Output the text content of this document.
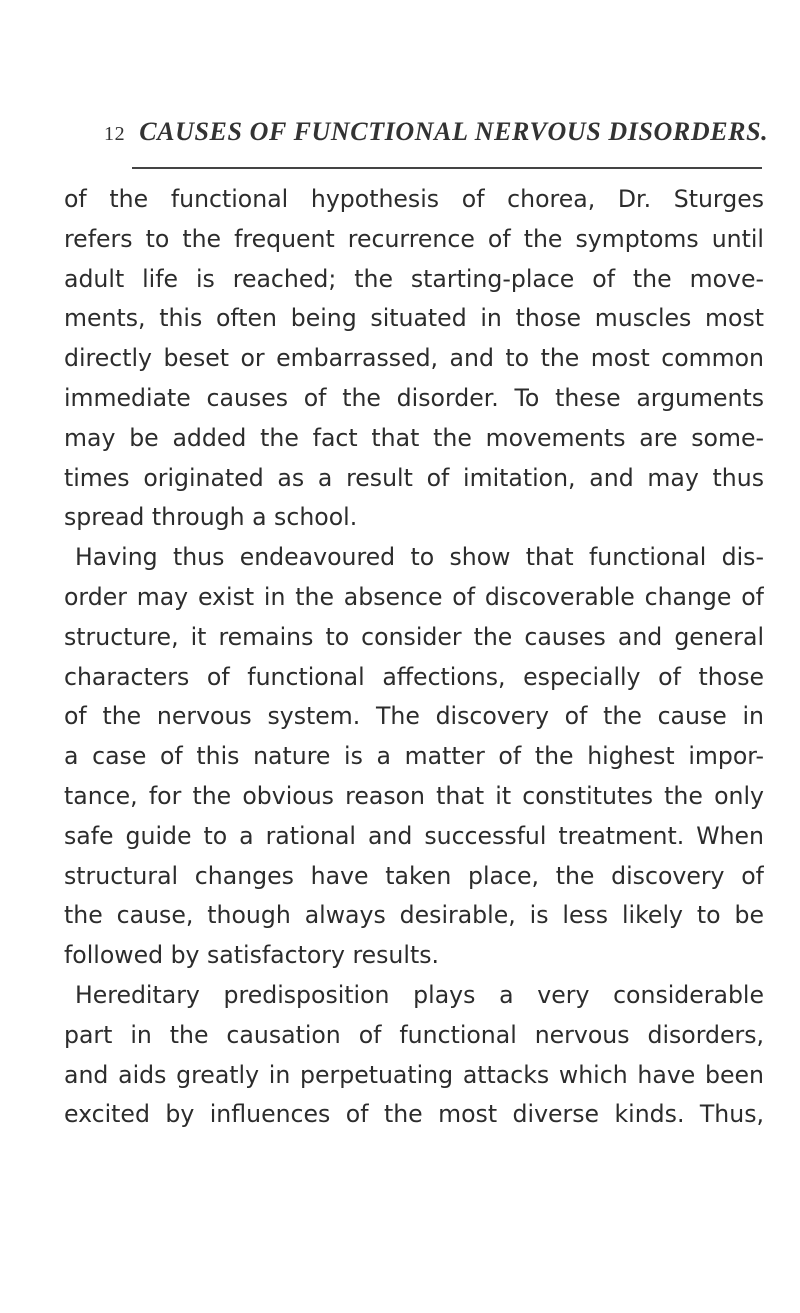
12 CAUSES OF FUNCTIONAL NERVOUS DISORDERS.
of the functional hypothesis of chorea, Dr. Sturges
refers to the frequent recurrence of the symptoms until
adult life is reached; the starting-place of the move-
ments, this often being situated in those muscles most
directly beset or embarrassed, and to the most common
immediate causes of the disorder. To these arguments
may be added the fact that the movements are some-
times originated as a result of imitation, and may thus
spread through a school.
Having thus endeavoured to show that functional dis-
order may exist in the absence of discoverable change of
structure, it remains to consider the causes and general
characters of functional affections, especially of those
of the nervous system. The discovery of the cause in
a case of this nature is a matter of the highest impor-
tance, for the obvious reason that it constitutes the only
safe guide to a rational and successful treatment. When
structural changes have taken place, the discovery of
the cause, though always desirable, is less likely to be
followed by satisfactory results.
Hereditary predisposition plays a very considerable
part in the causation of functional nervous disorders,
and aids greatly in perpetuating attacks which have been
excited by influences of the most diverse kinds. Thus,
